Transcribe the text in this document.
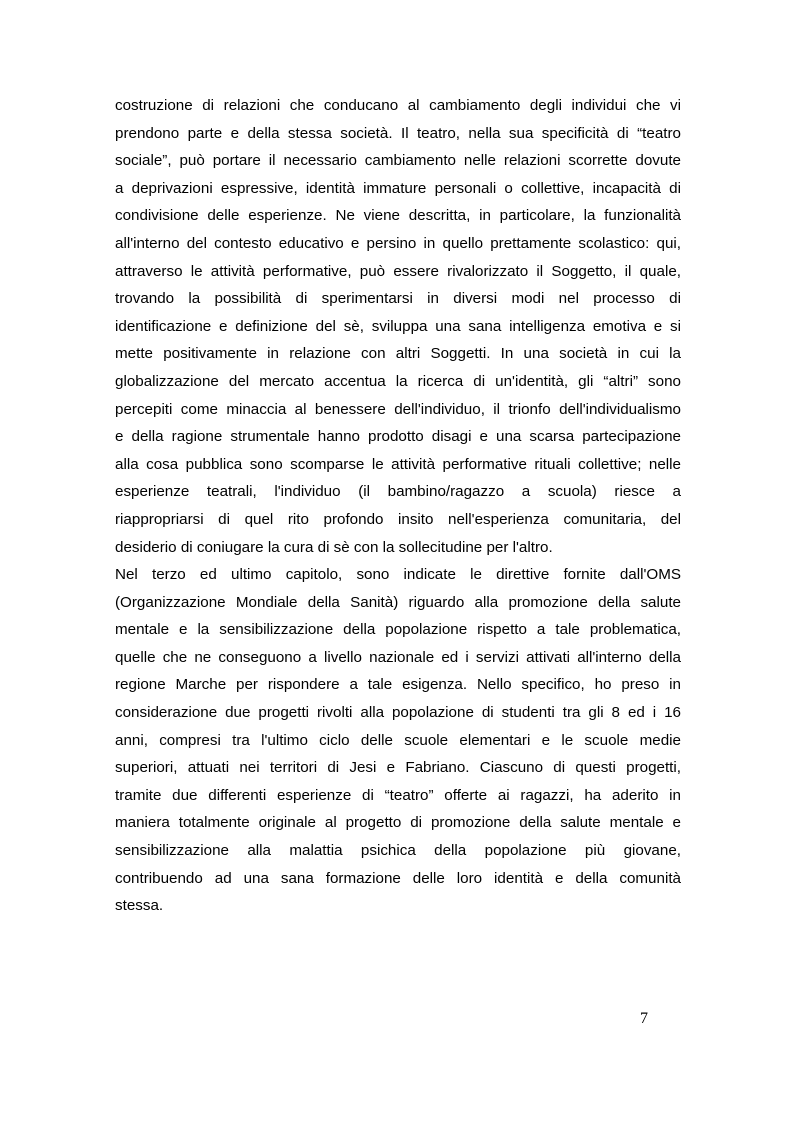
costruzione di relazioni che conducano al cambiamento degli individui che vi
prendono parte e della stessa società. Il teatro, nella sua specificità di “teatro
sociale”, può portare il necessario cambiamento nelle relazioni scorrette dovute
a deprivazioni espressive, identità immature personali o collettive, incapacità di
condivisione delle esperienze. Ne viene descritta, in particolare, la funzionalità
all'interno del contesto educativo e persino in quello prettamente scolastico: qui,
attraverso le attività performative, può essere rivalorizzato il Soggetto, il quale,
trovando la possibilità di sperimentarsi in diversi modi nel processo di
identificazione e definizione del sè, sviluppa una sana intelligenza emotiva e si
mette positivamente in relazione con altri Soggetti. In una società in cui la
globalizzazione del mercato accentua la ricerca di un'identità, gli “altri” sono
percepiti come minaccia al benessere dell'individuo, il trionfo dell'individualismo
e della ragione strumentale hanno prodotto disagi e una scarsa partecipazione
alla cosa pubblica sono scomparse le attività performative rituali collettive; nelle
esperienze teatrali, l'individuo (il bambino/ragazzo a scuola) riesce a
riappropriarsi di quel rito profondo insito nell'esperienza comunitaria, del
desiderio di coniugare la cura di sè con la sollecitudine per l'altro.
Nel terzo ed ultimo capitolo, sono indicate le direttive fornite dall'OMS
(Organizzazione Mondiale della Sanità) riguardo alla promozione della salute
mentale e la sensibilizzazione della popolazione rispetto a tale problematica,
quelle che ne conseguono a livello nazionale ed i servizi attivati all'interno della
regione Marche per rispondere a tale esigenza. Nello specifico, ho preso in
considerazione due progetti rivolti alla popolazione di studenti tra gli 8 ed i 16
anni, compresi tra l'ultimo ciclo delle scuole elementari e le scuole medie
superiori, attuati nei territori di Jesi e Fabriano. Ciascuno di questi progetti,
tramite due differenti esperienze di “teatro” offerte ai ragazzi, ha aderito in
maniera totalmente originale al progetto di promozione della salute mentale e
sensibilizzazione alla malattia psichica della popolazione più giovane,
contribuendo ad una sana formazione delle loro identità e della comunità
stessa.
7
